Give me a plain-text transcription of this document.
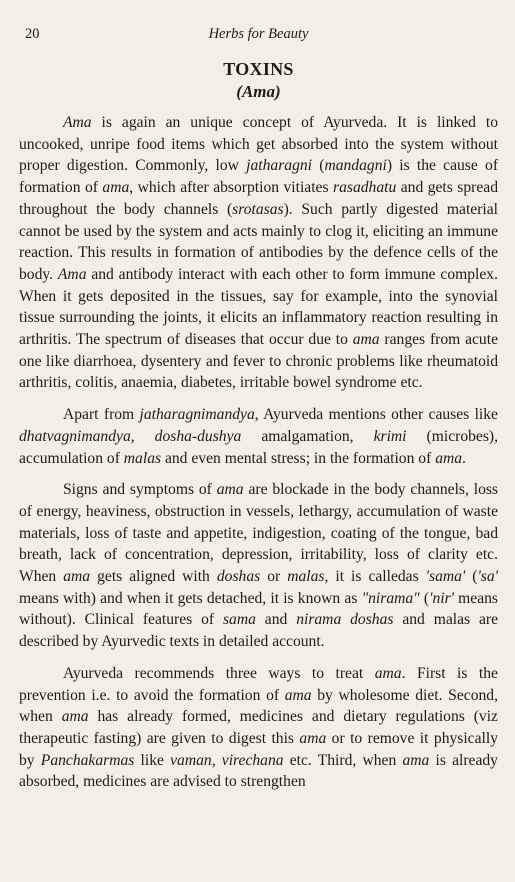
20	Herbs for Beauty
TOXINS
(Ama)

Ama is again an unique concept of Ayurveda. It is linked to uncooked, unripe food items which get absorbed into the system without proper digestion. Commonly, low jatharagni (mandagni) is the cause of formation of ama, which after absorption vitiates rasadhatu and gets spread throughout the body channels (srotasas). Such partly digested material cannot be used by the system and acts mainly to clog it, eliciting an immune reaction. This results in formation of antibodies by the defence cells of the body. Ama and antibody interact with each other to form immune complex. When it gets deposited in the tissues, say for example, into the synovial tissue surrounding the joints, it elicits an inflammatory reaction resulting in arthritis. The spectrum of diseases that occur due to ama ranges from acute one like diarrhoea, dysentery and fever to chronic problems like rheumatoid arthritis, colitis, anaemia, diabetes, irritable bowel syndrome etc.

Apart from jatharagnimandya, Ayurveda mentions other causes like dhatvagnimandya, dosha-dushya amalgamation, krimi (microbes), accumulation of malas and even mental stress; in the formation of ama.

Signs and symptoms of ama are blockade in the body channels, loss of energy, heaviness, obstruction in vessels, lethargy, accumulation of waste materials, loss of taste and appetite, indigestion, coating of the tongue, bad breath, lack of concentration, depression, irritability, loss of clarity etc. When ama gets aligned with doshas or malas, it is calledas 'sama' ('sa' means with) and when it gets detached, it is known as "nirama" ('nir' means without). Clinical features of sama and nirama doshas and malas are described by Ayurvedic texts in detailed account.

Ayurveda recommends three ways to treat ama. First is the prevention i.e. to avoid the formation of ama by wholesome diet. Second, when ama has already formed, medicines and dietary regulations (viz therapeutic fasting) are given to digest this ama or to remove it physically by Panchakarmas like vaman, virechana etc. Third, when ama is already absorbed, medicines are advised to strengthen
